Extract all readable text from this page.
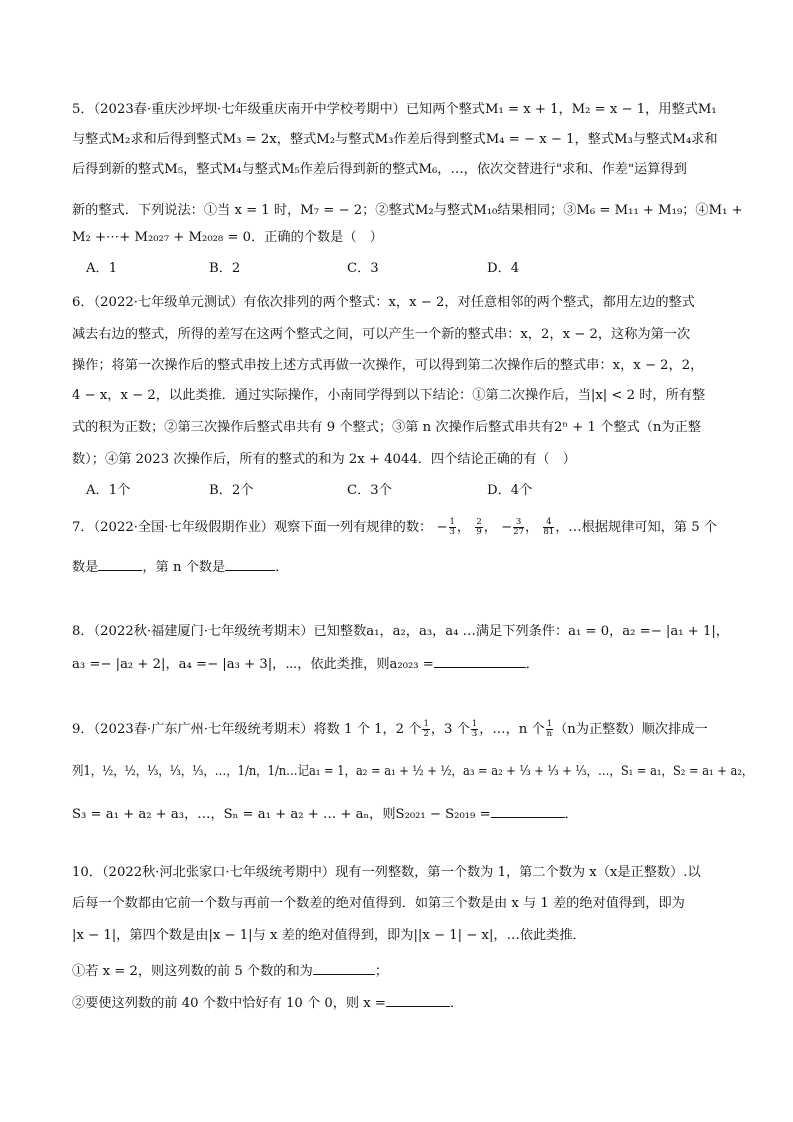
5．（2023春·重庆沙坪坝·七年级重庆南开中学校考期中）已知两个整式M₁ = x + 1，M₂ = x − 1，用整式M₁
与整式M₂求和后得到整式M₃ = 2x，整式M₂与整式M₃作差后得到整式M₄ = − x − 1，整式M₃与整式M₄求和
后得到新的整式M₅，整式M₄与整式M₅作差后得到新的整式M₆，…，依次交替进行"求和、作差"运算得到
新的整式．下列说法：①当 x = 1 时，M₇ = − 2；②整式M₂与整式M₁₀结果相同；③M₆ = M₁₁ + M₁₉；④M₁ +
M₂ +⋯+ M₂₀₂₇ + M₂₀₂₈ = 0．正确的个数是（　）
A．1	B．2	C．3	D．4
6．（2022·七年级单元测试）有依次排列的两个整式：x，x − 2，对任意相邻的两个整式，都用左边的整式
减去右边的整式，所得的差写在这两个整式之间，可以产生一个新的整式串：x，2，x − 2，这称为第一次
操作；将第一次操作后的整式串按上述方式再做一次操作，可以得到第二次操作后的整式串：x，x − 2，2，
4 − x，x − 2，以此类推．通过实际操作，小南同学得到以下结论：①第二次操作后，当|x| < 2 时，所有整
式的积为正数；②第三次操作后整式串共有 9 个整式；③第 n 次操作后整式串共有2ⁿ + 1 个整式（n为正整
数）；④第 2023 次操作后，所有的整式的和为 2x + 4044．四个结论正确的有（　）
A．1个	B．2个	C．3个	D．4个
7．（2022·全国·七年级假期作业）观察下面一列有规律的数： − $\frac{1}{3}$ ， $\frac{2}{9}$ ， − $\frac{3}{27}$ ， $\frac{4}{81}$ ，…根据规律可知，第 5 个
数是	，第 n 个数是	．
8．（2022秋·福建厦门·七年级统考期末）已知整数a₁，a₂，a₃，a₄ …满足下列条件：a₁ = 0，a₂ =− |a₁ + 1|，
a₃ =− |a₂ + 2|，a₄ =− |a₃ + 3|，⋯，依此类推，则a₂₀₂₃ =	．
9．（2023春·广东广州·七年级统考期末）将数 1 个 1，2 个 $\frac{1}{2}$ ，3 个 $\frac{1}{3}$ ，…，n 个 $\frac{1}{n} (n$为正整数）顺次排成一
列1，½，½，⅓，⅓，⅓，…，1/n，1/n…记a₁ = 1，a₂ = a₁ + ½ + ½，a₃ = a₂ + ⅓ + ⅓ + ⅓，…，S₁ = a₁，S₂ = a₁ + a₂，
S₃ = a₁ + a₂ + a₃，…，Sₙ = a₁ + a₂ + … + aₙ，则S₂₀₂₁ − S₂₀₁₉ =	．
10．（2022秋·河北张家口·七年级统考期中）现有一列整数，第一个数为 1，第二个数为 x（x是正整数）.以
后每一个数都由它前一个数与再前一个数差的绝对值得到．如第三个数是由 x 与 1 差的绝对值得到，即为
|x − 1|，第四个数是由|x − 1|与 x 差的绝对值得到，即为||x − 1| − x|，…依此类推．
①若 x = 2，则这列数的前 5 个数的和为	；
②要使这列数的前 40 个数中恰好有 10 个 0，则 x =	．
